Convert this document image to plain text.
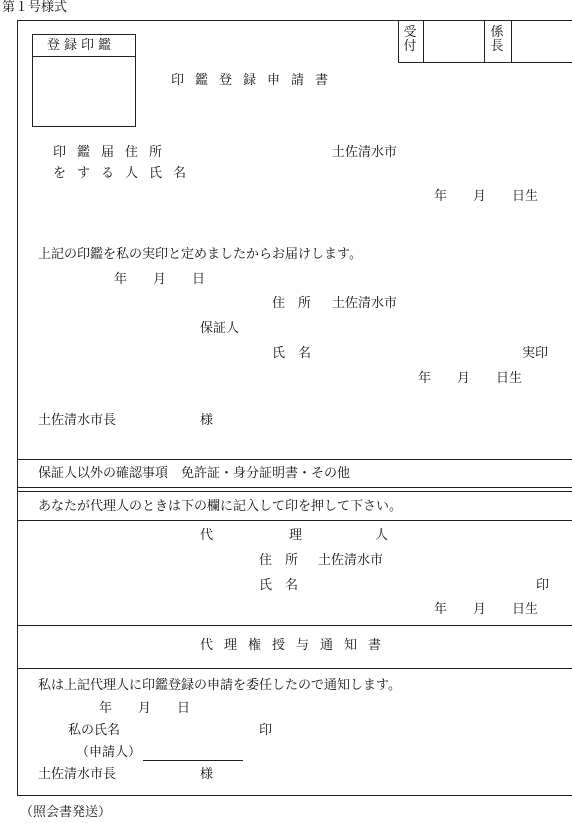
第１号様式
受付
係長
登録印鑑
印鑑登録申請書
印鑑届住所
をする人氏名
土佐清水市
年　　月　　日生
上記の印鑑を私の実印と定めましたからお届けします。
年　　月　　日
住　所 土佐清水市
保証人
氏　名	実印
年　　月　　日生
土佐清水市長	様
保証人以外の確認事項　免許証・身分証明書・その他
あなたが代理人のときは下の欄に記入して印を押して下さい。
代	理	人
住　所 土佐清水市
氏　名	印
年　　月　　日生
代理権授与通知書
私は上記代理人に印鑑登録の申請を委任したので通知します。
年　　月　　日
私の氏名	印
（申請人）
土佐清水市長	様
（照会書発送）
